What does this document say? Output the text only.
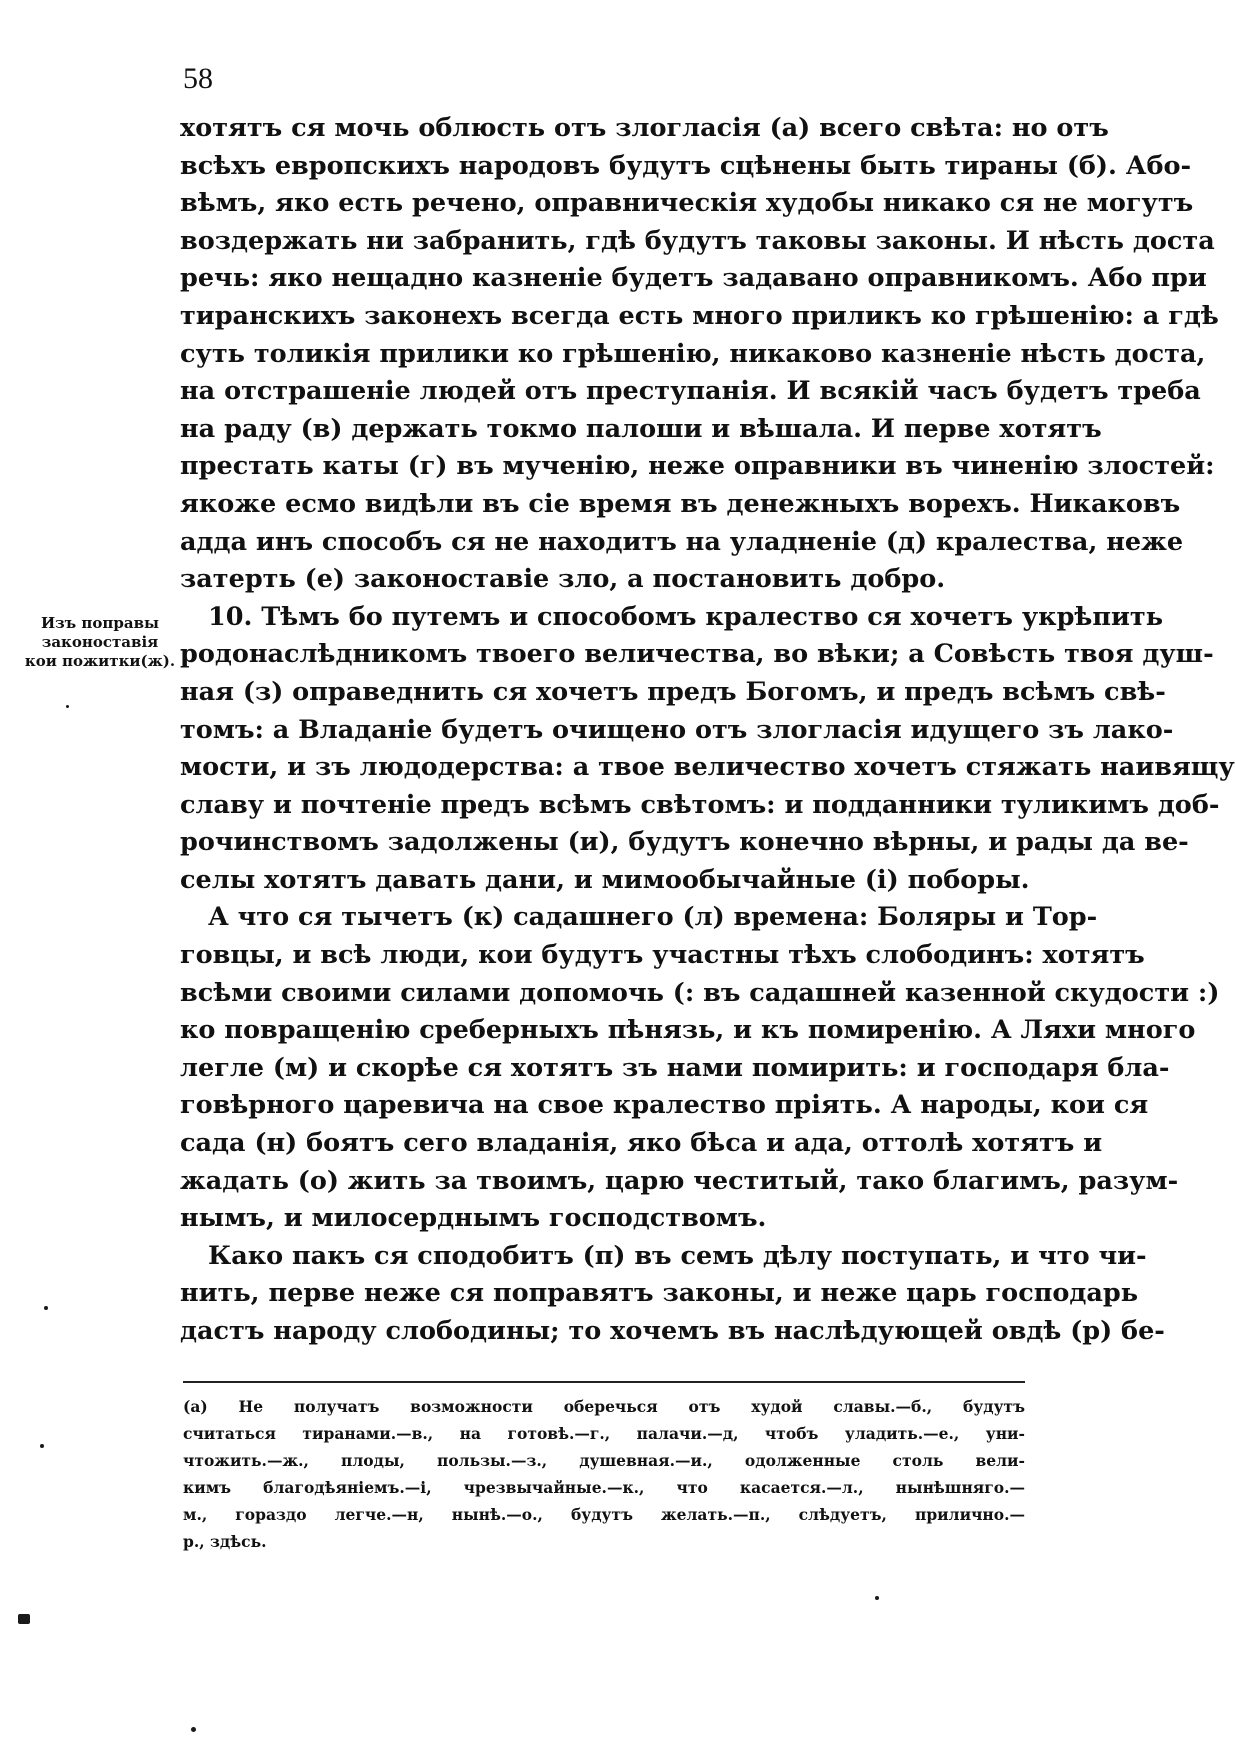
58
Изъ поправы
законоставія
кои пожитки(ж).
хотятъ ся мочь облюсть отъ злогласія (а) всего свѣта: но отъ
всѣхъ европскихъ народовъ будутъ сцѣнены быть тираны (б). Або-
вѣмъ, яко есть речено, оправническія худобы никако ся не могутъ
воздержать ни забранить, гдѣ будутъ таковы законы. И нѣсть доста
речь: яко нещадно казненіе будетъ задавано оправникомъ. Або при
тиранскихъ законехъ всегда есть много приликъ ко грѣшенію: а гдѣ
суть толикія прилики ко грѣшенію, никаково казненіе нѣсть доста,
на отстрашеніе людей отъ преступанія. И всякій часъ будетъ треба
на раду (в) держать токмо палоши и вѣшала. И перве хотятъ
престать каты (г) въ мученію, неже оправники въ чиненію злостей:
якоже есмо видѣли въ сіе время въ денежныхъ ворехъ. Никаковъ
адда инъ способъ ся не находитъ на уладненіе (д) кралества, неже
затерть (е) законоставіе зло, а постановить добро.
10. Тѣмъ бо путемъ и способомъ кралество ся хочетъ укрѣпить
родонаслѣдникомъ твоего величества, во вѣки; а Совѣсть твоя душ-
ная (з) оправеднить ся хочетъ предъ Богомъ, и предъ всѣмъ свѣ-
томъ: а Владаніе будетъ очищено отъ злогласія идущего зъ лако-
мости, и зъ людодерства: а твое величество хочетъ стяжать наивящу
славу и почтеніе предъ всѣмъ свѣтомъ: и подданники туликимъ доб-
рочинствомъ задолжены (и), будутъ конечно вѣрны, и рады да ве-
селы хотятъ давать дани, и мимообычайные (і) поборы.
А что ся тычетъ (к) садашнего (л) времена: Боляры и Тор-
говцы, и всѣ люди, кои будутъ участны тѣхъ слободинъ: хотятъ
всѣми своими силами допомочь (: въ садашней казенной скудости :)
ко повращенію среберныхъ пѣнязь, и къ помиренію. А Ляхи много
легле (м) и скорѣе ся хотятъ зъ нами помирить: и господаря бла-
говѣрного царевича на свое кралество пріять. А народы, кои ся
сада (н) боятъ сего владанія, яко бѣса и ада, оттолѣ хотятъ и
жадать (о) жить за твоимъ, царю честитый, тако благимъ, разум-
нымъ, и милосерднымъ господствомъ.
Како пакъ ся сподобитъ (п) въ семъ дѣлу поступать, и что чи-
нить, перве неже ся поправятъ законы, и неже царь господарь
дастъ народу слободины; то хочемъ въ наслѣдующей овдѣ (р) бе-
(а) Не получатъ возможности оберечься отъ худой славы.—б., будутъ
считаться тиранами.—в., на готовѣ.—г., палачи.—д, чтобъ уладить.—е., уни-
чтожить.—ж., плоды, пользы.—з., душевная.—и., одолженные столь вели-
кимъ благодѣяніемъ.—і, чрезвычайные.—к., что касается.—л., нынѣшняго.—
м., гораздо легче.—н, нынѣ.—о., будутъ желать.—п., слѣдуетъ, прилично.—
р., здѣсь.
